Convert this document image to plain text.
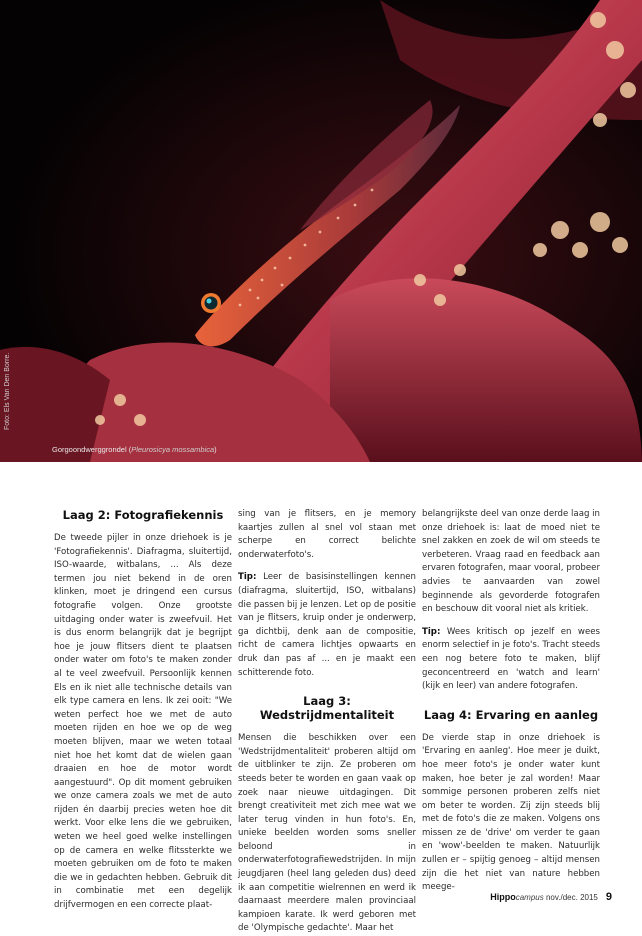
Foto: Els Van Den Borre.
Gorgoondwerggrondel (Pleurosicya mossambica)
Laag 2: Fotografiekennis

De tweede pijler in onze driehoek is je 'Fotografiekennis'. Diafragma, sluitertijd, ISO-waarde, witbalans, ... Als deze termen jou niet bekend in de oren klinken, moet je dringend een cursus fotografie volgen. Onze grootste uitdaging onder water is zweefvuil. Het is dus enorm belangrijk dat je begrijpt hoe je jouw flitsers dient te plaatsen onder water om foto's te maken zonder al te veel zweefvuil. Persoonlijk kennen Els en ik niet alle technische details van elk type camera en lens. Ik zei ooit: "We weten perfect hoe we met de auto moeten rijden en hoe we op de weg moeten blijven, maar we weten totaal niet hoe het komt dat de wielen gaan draaien en hoe de motor wordt aangestuurd". Op dit moment gebruiken we onze camera zoals we met de auto rijden én daarbij precies weten hoe dit werkt. Voor elke lens die we gebruiken, weten we heel goed welke instellingen op de camera en welke flitssterkte we moeten gebruiken om de foto te maken die we in gedachten hebben. Gebruik dit in combinatie met een degelijk drijfvermogen en een correcte plaat-

sing van je flitsers, en je memory kaartjes zullen al snel vol staan met scherpe en correct belichte onderwaterfoto's.

Tip: Leer de basisinstellingen kennen (diafragma, sluitertijd, ISO, witbalans) die passen bij je lenzen. Let op de positie van je flitsers, kruip onder je onderwerp, ga dichtbij, denk aan de compositie, richt de camera lichtjes opwaarts en druk dan pas af ... en je maakt een schitterende foto.

Laag 3: Wedstrijdmentaliteit

Mensen die beschikken over een 'Wedstrijdmentaliteit' proberen altijd om de uitblinker te zijn. Ze proberen om steeds beter te worden en gaan vaak op zoek naar nieuwe uitdagingen. Dit brengt creativiteit met zich mee wat we later terug vinden in hun foto's. En, unieke beelden worden soms sneller beloond in onderwaterfotografiewedstrijden. In mijn jeugdjaren (heel lang geleden dus) deed ik aan competitie wielrennen en werd ik daarnaast meerdere malen provinciaal kampioen karate. Ik werd geboren met de 'Olympische gedachte'. Maar het

belangrijkste deel van onze derde laag in onze driehoek is: laat de moed niet te snel zakken en zoek de wil om steeds te verbeteren. Vraag raad en feedback aan ervaren fotografen, maar vooral, probeer advies te aanvaarden van zowel beginnende als gevorderde fotografen en beschouw dit vooral niet als kritiek.

Tip: Wees kritisch op jezelf en wees enorm selectief in je foto's. Tracht steeds een nog betere foto te maken, blijf geconcentreerd en 'watch and learn' (kijk en leer) van andere fotografen.

Laag 4: Ervaring en aanleg

De vierde stap in onze driehoek is 'Ervaring en aanleg'. Hoe meer je duikt, hoe meer foto's je onder water kunt maken, hoe beter je zal worden! Maar sommige personen proberen zelfs niet om beter te worden. Zij zijn steeds blij met de foto's die ze maken. Volgens ons missen ze de 'drive' om verder te gaan en 'wow'-beelden te maken. Natuurlijk zullen er – spijtig genoeg – altijd mensen zijn die het niet van nature hebben meege-

Hippocampus nov./dec. 2015 9
